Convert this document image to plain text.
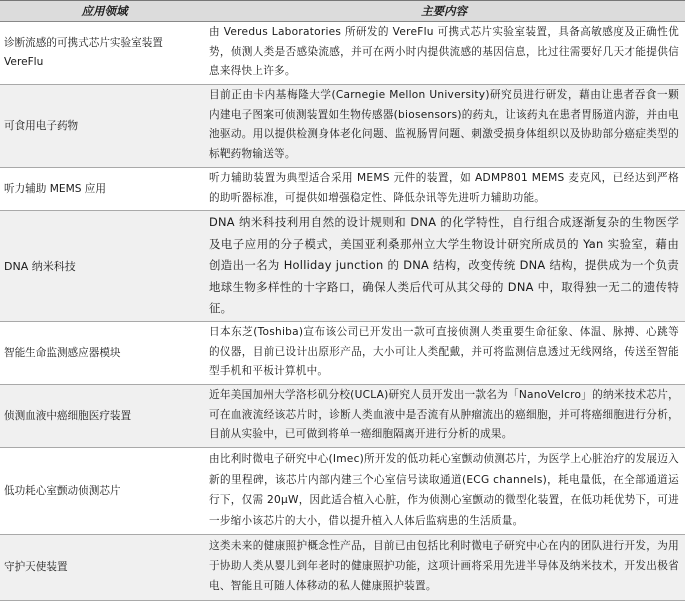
应用领域	主要内容
诊断流感的可携式芯片实验室装置 VereFlu
由 Veredus Laboratories 所研发的 VereFlu 可携式芯片实验室装置，具备高敏感度及正确性优势，侦测人类是否感染流感，并可在两小时内提供流感的基因信息，比过往需要好几天才能提供信息来得快上许多。
可食用电子药物
目前正由卡内基梅隆大学(Carnegie Mellon University)研究员进行研发，藉由让患者吞食一颗内建电子图案可侦测装置如生物传感器(biosensors)的药丸，让该药丸在患者胃肠道内游，并由电池驱动。用以提供检测身体老化问题、监视肠胃问题、刺激受损身体组织以及协助部分癌症类型的标靶药物输送等。
听力辅助 MEMS 应用
听力辅助装置为典型适合采用 MEMS 元件的装置，如 ADMP801 MEMS 麦克风，已经达到严格的助听器标准，可提供如增强稳定性、降低杂讯等先进听力辅助功能。
DNA 纳米科技
DNA 纳米科技利用自然的设计规则和 DNA 的化学特性，自行组合成逐渐复杂的生物医学及电子应用的分子模式，美国亚利桑那州立大学生物设计研究所成员的 Yan 实验室，藉由创造出一名为 Holliday junction 的 DNA 结构，改变传统 DNA 结构，提供成为一个负责地球生物多样性的十字路口，确保人类后代可从其父母的 DNA 中，取得独一无二的遗传特征。
智能生命监测感应器模块
日本东芝(Toshiba)宣布该公司已开发出一款可直接侦测人类重要生命征象、体温、脉搏、心跳等的仪器，目前已设计出原形产品，大小可让人类配戴，并可将监测信息透过无线网络，传送至智能型手机和平板计算机中。
侦测血液中癌细胞医疗装置
近年美国加州大学洛杉矶分校(UCLA)研究人员开发出一款名为「NanoVelcro」的纳米技术芯片，可在血液流经该芯片时，诊断人类血液中是否流有从肿瘤流出的癌细胞，并可将癌细胞进行分析，目前从实验中，已可做到将单一癌细胞隔离开进行分析的成果。
低功耗心室颤动侦测芯片
由比利时微电子研究中心(Imec)所开发的低功耗心室颤动侦测芯片，为医学上心脏治疗的发展迈入新的里程碑，该芯片内部内建三个心室信号读取通道(ECG channels)，耗电量低，在全部通道运行下，仅需 20μW，因此适合植入心脏，作为侦测心室颤动的微型化装置，在低功耗优势下，可进一步缩小该芯片的大小，借以提升植入人体后监病患的生活质量。
守护天使装置
这类未来的健康照护概念性产品，目前已由包括比利时微电子研究中心在内的团队进行开发，为用于协助人类从婴儿到年老时的健康照护功能，这项计画将采用先进半导体及纳米技术，开发出极省电、智能且可随人体移动的私人健康照护装置。
